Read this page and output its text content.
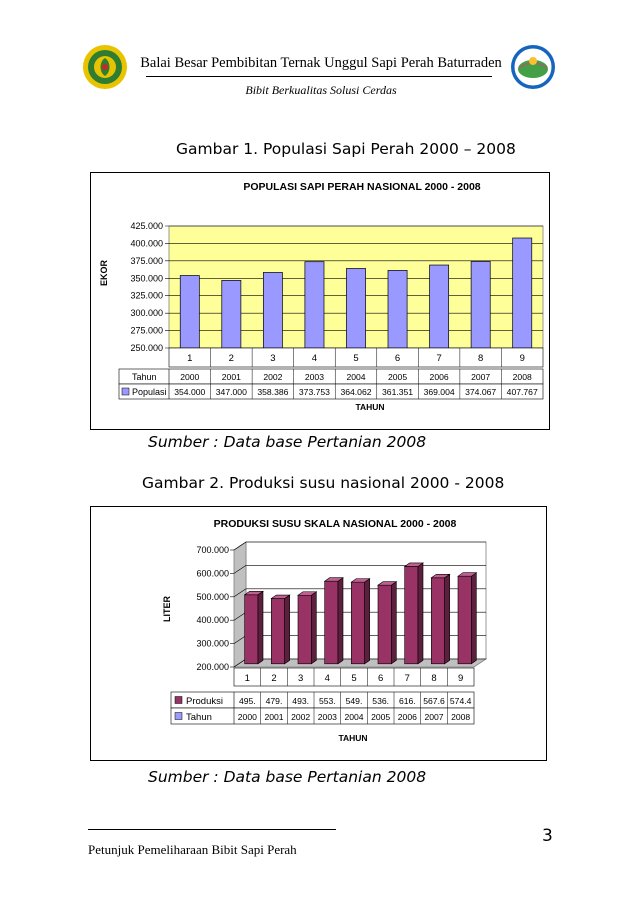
Balai Besar Pembibitan Ternak Unggul Sapi Perah Baturraden
Bibit Berkualitas Solusi Cerdas
Gambar 1. Populasi Sapi Perah 2000 – 2008
POPULASI SAPI PERAH NASIONAL 2000 - 2008
250.000
275.000
300.000
325.000
350.000
375.000
400.000
425.000
EKOR
1	2	3	4	5	6	7	8	9
Tahun	2000	2001	2002	2003	2004	2005	2006	2007	2008
Populasi 354.000 347.000 358.386 373.753 364.062 361.351 369.004 374.067 407.767
TAHUN
Sumber : Data base Pertanian 2008
Gambar 2. Produksi susu nasional 2000 - 2008
PRODUKSI SUSU SKALA NASIONAL 2000 - 2008
200.000
300.000
400.000
500.000
600.000
700.000
LITER
1 2 3 4 5 6 7 8 9
Produksi 495. 479. 493. 553. 549. 536. 616. 567.6 574.4
Tahun	2000 2001 2002 2003 2004 2005 2006 2007 2008
TAHUN
Sumber : Data base Pertanian 2008
Petunjuk Pemeliharaan Bibit Sapi Perah
3
